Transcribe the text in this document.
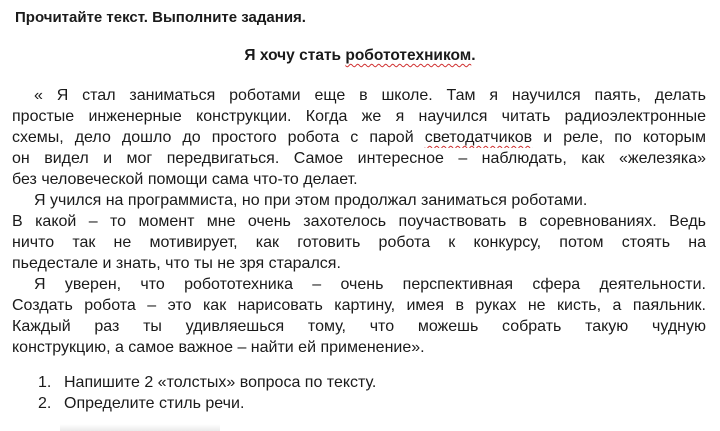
Прочитайте текст. Выполните задания.
Я хочу стать робототехником.
« Я стал заниматься роботами еще в школе. Там я научился паять, делать
простые инженерные конструкции. Когда же я научился читать радиоэлектронные
схемы, дело дошло до простого робота с парой светодатчиков и реле, по которым
он видел и мог передвигаться. Самое интересное – наблюдать, как «железяка»
без человеческой помощи сама что-то делает.
Я учился на программиста, но при этом продолжал заниматься роботами.
В какой – то момент мне очень захотелось поучаствовать в соревнованиях. Ведь
ничто так не мотивирует, как готовить робота к конкурсу, потом стоять на
пьедестале и знать, что ты не зря старался.
Я уверен, что робототехника – очень перспективная сфера деятельности.
Создать робота – это как нарисовать картину, имея в руках не кисть, а паяльник.
Каждый раз ты удивляешься тому, что можешь собрать такую чудную
конструкцию, а самое важное – найти ей применение».
1. Напишите 2 «толстых» вопроса по тексту.
2. Определите стиль речи.
